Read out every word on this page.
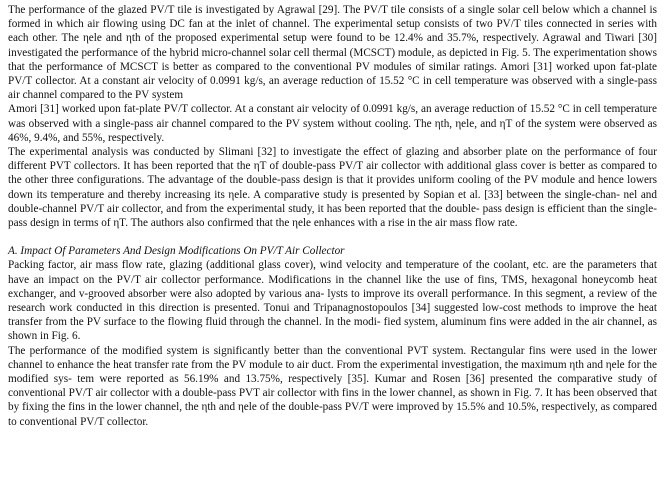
The performance of the glazed PV/T tile is investigated by Agrawal [29]. The PV/T tile consists of a single solar cell below which a channel is formed in which air flowing using DC fan at the inlet of channel. The experimental setup consists of two PV/T tiles connected in series with each other. The ηele and ηth of the proposed experimental setup were found to be 12.4% and 35.7%, respectively. Agrawal and Tiwari [30] investigated the performance of the hybrid micro-channel solar cell thermal (MCSCT) module, as depicted in Fig. 5. The experimentation shows that the performance of MCSCT is better as compared to the conventional PV modules of similar ratings. Amori [31] worked upon fat-plate PV/T collector. At a constant air velocity of 0.0991 kg/s, an average reduction of 15.52 °C in cell temperature was observed with a single-pass air channel compared to the PV system

Amori [31] worked upon fat-plate PV/T collector. At a constant air velocity of 0.0991 kg/s, an average reduction of 15.52 °C in cell temperature was observed with a single-pass air channel compared to the PV system without cooling. The ηth, ηele, and ηT of the system were observed as 46%, 9.4%, and 55%, respectively.

The experimental analysis was conducted by Slimani [32] to investigate the effect of glazing and absorber plate on the performance of four different PVT collectors. It has been reported that the ηT of double-pass PV/T air collector with additional glass cover is better as compared to the other three configurations. The advantage of the double-pass design is that it provides uniform cooling of the PV module and hence lowers down its temperature and thereby increasing its ηele. A comparative study is presented by Sopian et al. [33] between the single-chan- nel and double-channel PV/T air collector, and from the experimental study, it has been reported that the double- pass design is efficient than the single-pass design in terms of ηT. The authors also confirmed that the ηele enhances with a rise in the air mass flow rate.

A. Impact Of Parameters And Design Modifications On PV/T Air Collector

Packing factor, air mass flow rate, glazing (additional glass cover), wind velocity and temperature of the coolant, etc. are the parameters that have an impact on the PV/T air collector performance. Modifications in the channel like the use of fins, TMS, hexagonal honeycomb heat exchanger, and v-grooved absorber were also adopted by various ana- lysts to improve its overall performance. In this segment, a review of the research work conducted in this direction is presented. Tonui and Tripanagnostopoulos [34] suggested low-cost methods to improve the heat transfer from the PV surface to the flowing fluid through the channel. In the modi- fied system, aluminum fins were added in the air channel, as shown in Fig. 6.

The performance of the modified system is significantly better than the conventional PVT system. Rectangular fins were used in the lower channel to enhance the heat transfer rate from the PV module to air duct. From the experimental investigation, the maximum ηth and ηele for the modified sys- tem were reported as 56.19% and 13.75%, respectively [35]. Kumar and Rosen [36] presented the comparative study of conventional PV/T air collector with a double-pass PVT air collector with fins in the lower channel, as shown in Fig. 7. It has been observed that by fixing the fins in the lower channel, the ηth and ηele of the double-pass PV/T were improved by 15.5% and 10.5%, respectively, as compared to conventional PV/T collector.
